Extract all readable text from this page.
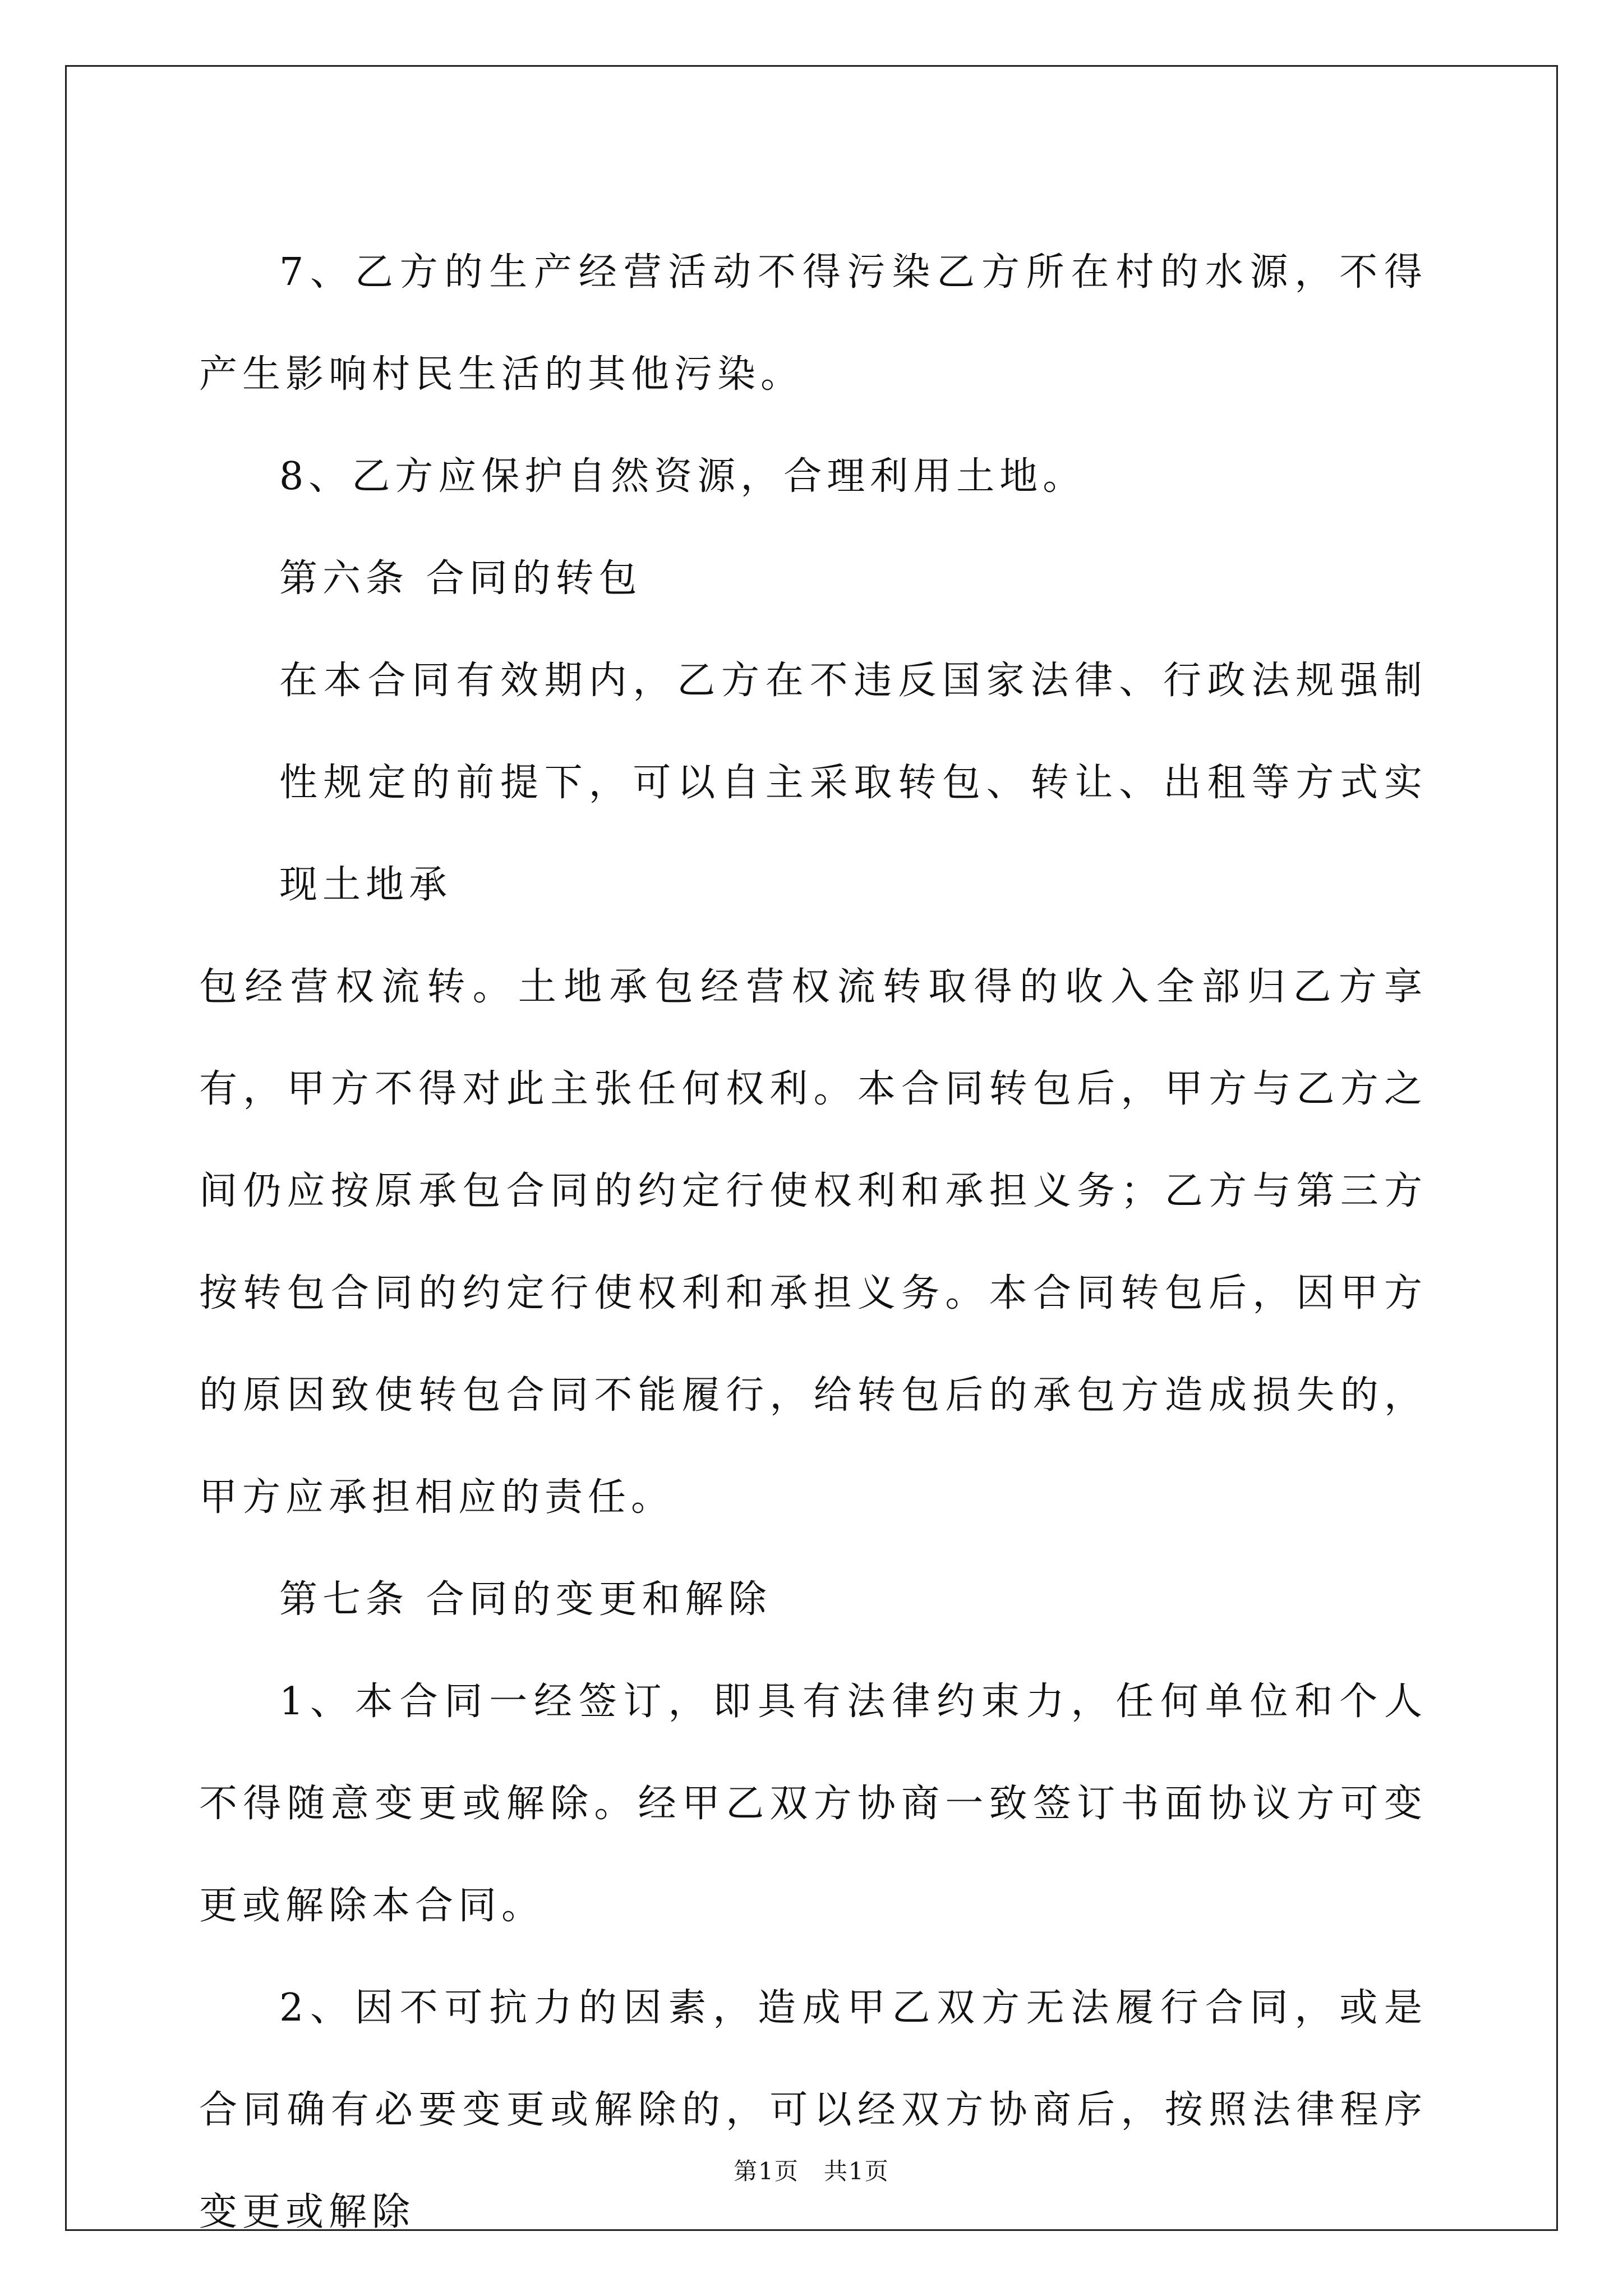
7、乙方的生产经营活动不得污染乙方所在村的水源，不得产生影响村民生活的其他污染。

8、乙方应保护自然资源，合理利用土地。

第六条 合同的转包

在本合同有效期内，乙方在不违反国家法律、行政法规强制性规定的前提下，可以自主采取转包、转让、出租等方式实现土地承

包经营权流转。土地承包经营权流转取得的收入全部归乙方享有，甲方不得对此主张任何权利。本合同转包后，甲方与乙方之间仍应按原承包合同的约定行使权利和承担义务；乙方与第三方按转包合同的约定行使权利和承担义务。本合同转包后，因甲方的原因致使转包合同不能履行，给转包后的承包方造成损失的，甲方应承担相应的责任。

第七条 合同的变更和解除

1、本合同一经签订，即具有法律约束力，任何单位和个人不得随意变更或解除。经甲乙双方协商一致签订书面协议方可变更或解除本合同。

2、因不可抗力的因素，造成甲乙双方无法履行合同，或是合同确有必要变更或解除的，可以经双方协商后，按照法律程序变更或解除

第1页　共1页
